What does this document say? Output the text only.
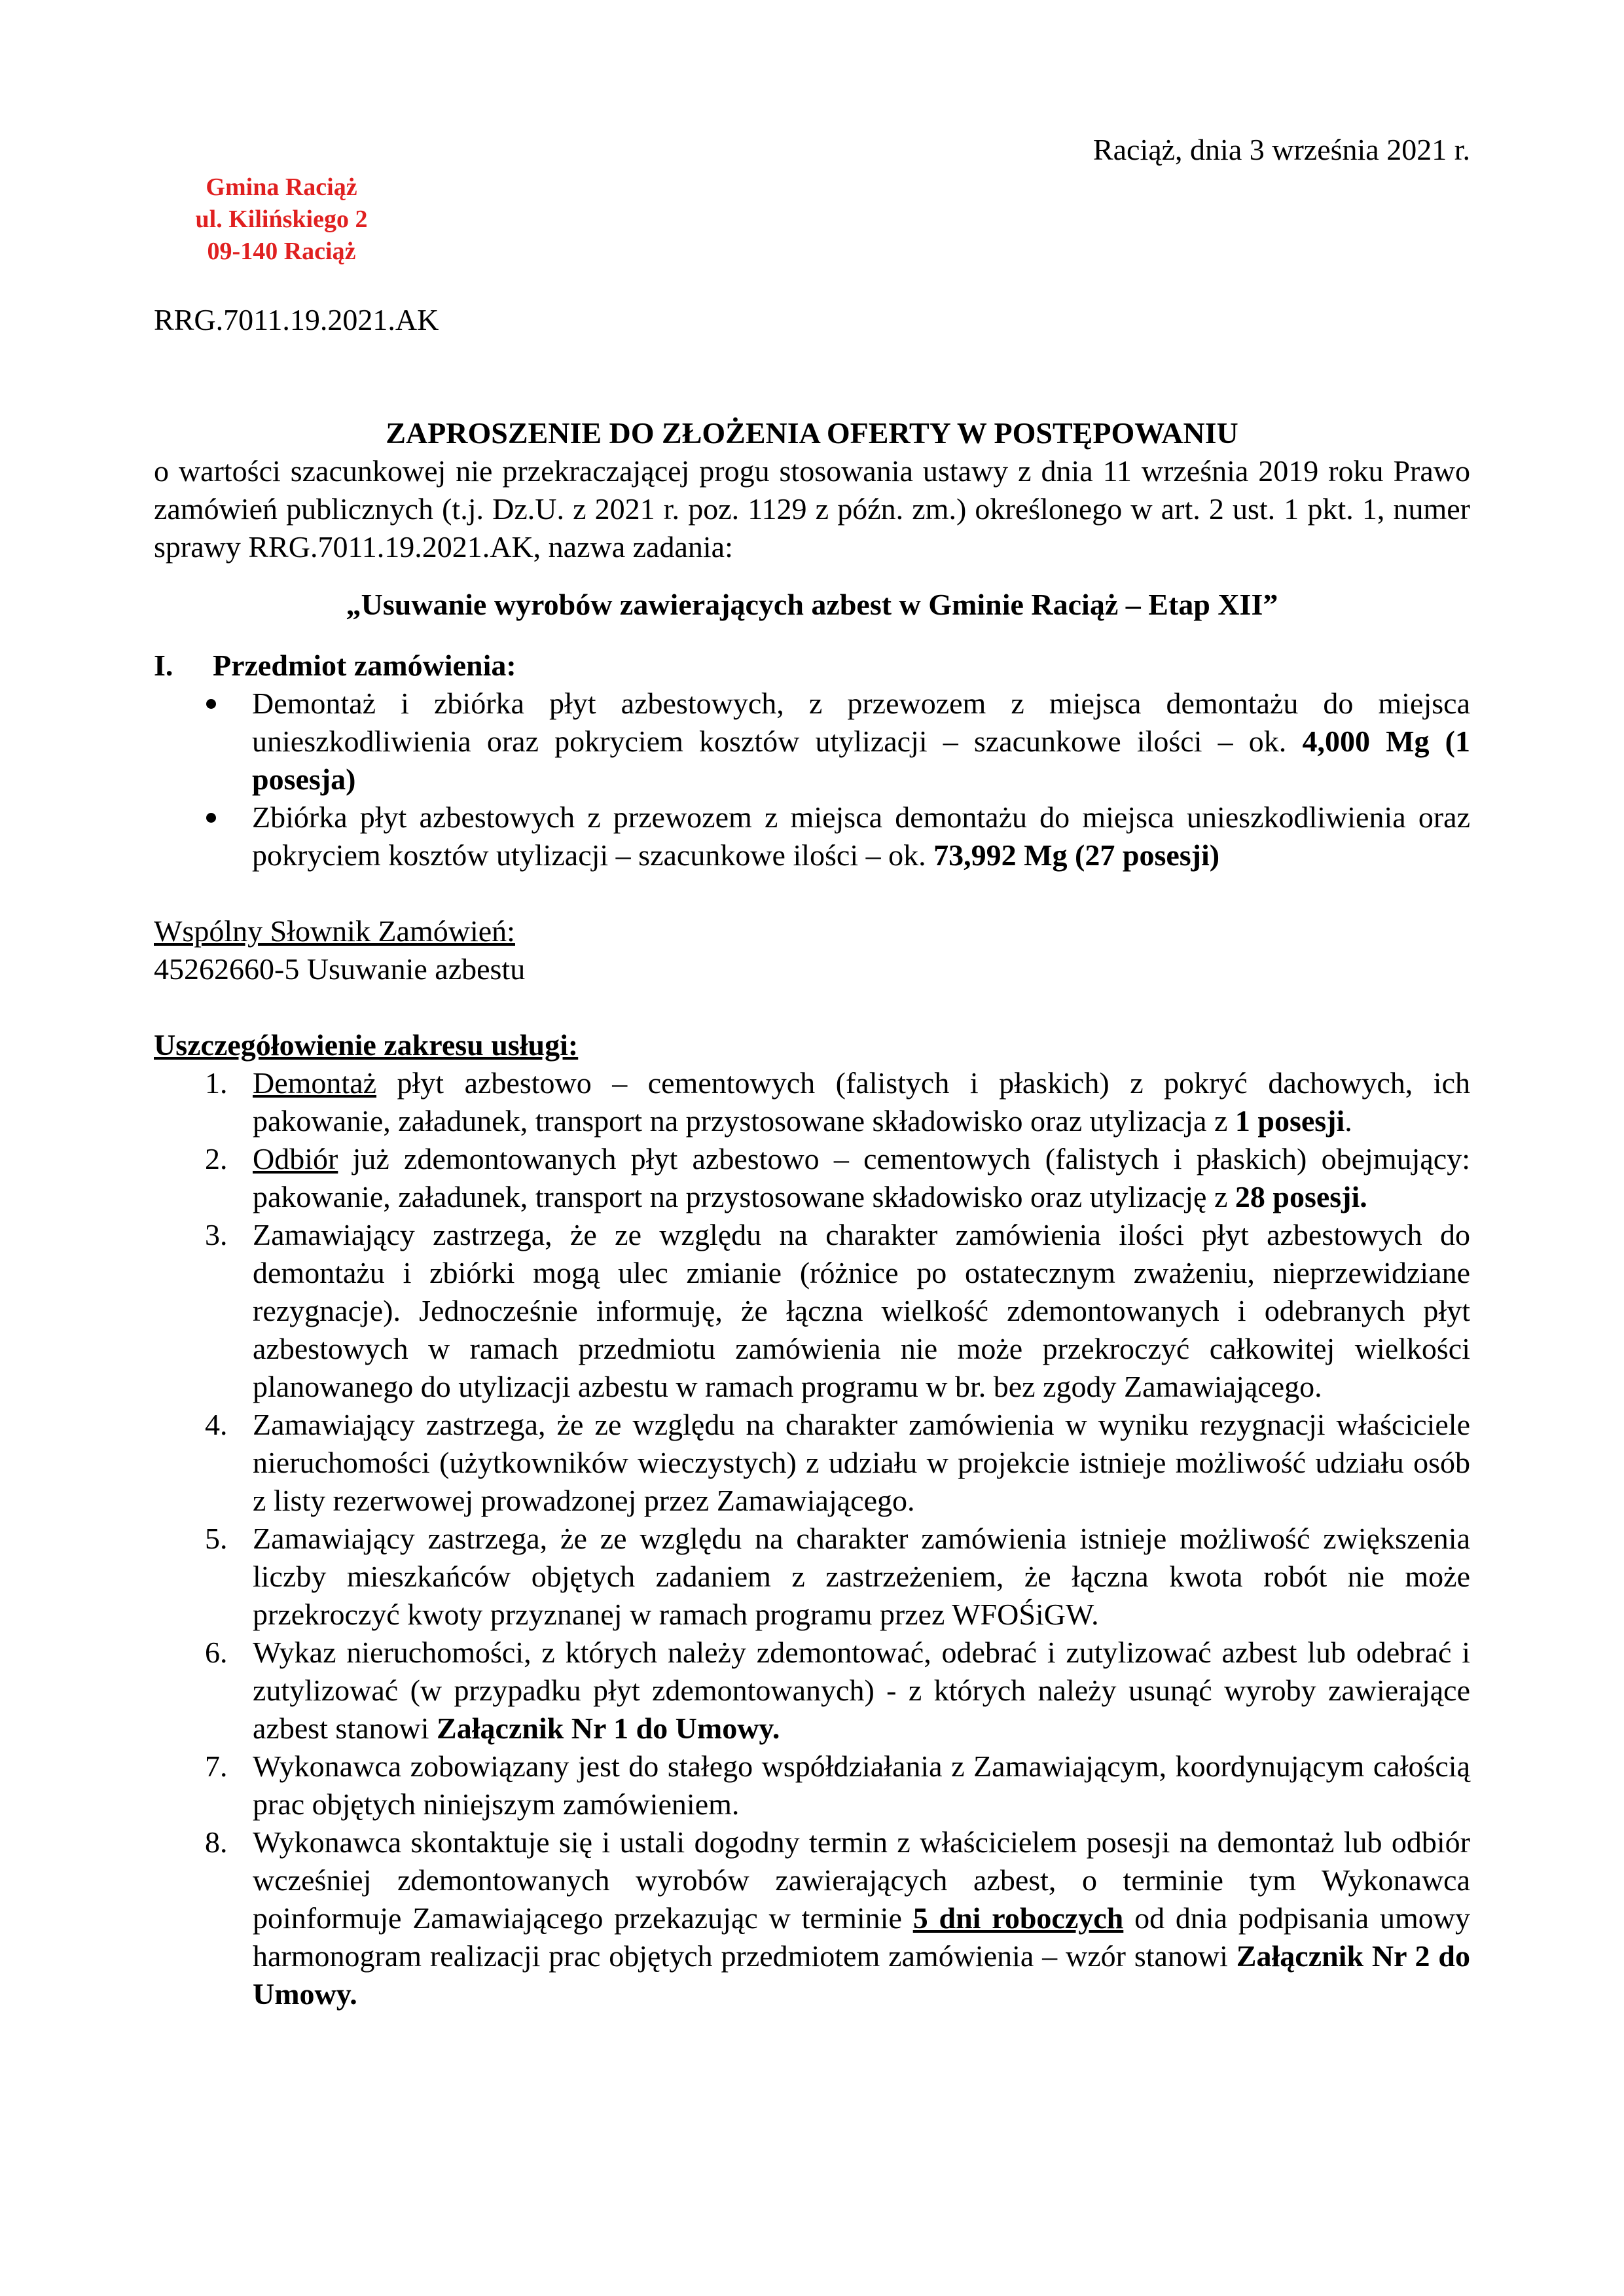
Gmina Raciąż
ul. Kilińskiego 2
09-140 Raciąż
Raciąż, dnia 3 września 2021 r.
RRG.7011.19.2021.AK
ZAPROSZENIE DO ZŁOŻENIA OFERTY W POSTĘPOWANIU
o wartości szacunkowej nie przekraczającej progu stosowania ustawy z dnia 11 września 2019 roku Prawo zamówień publicznych (t.j. Dz.U. z 2021 r. poz. 1129 z późn. zm.) określonego w art. 2 ust. 1 pkt. 1, numer sprawy RRG.7011.19.2021.AK, nazwa zadania:
„Usuwanie wyrobów zawierających azbest w Gminie Raciąż – Etap XII”
I.	Przedmiot zamówienia:
Demontaż i zbiórka płyt azbestowych, z przewozem z miejsca demontażu do miejsca unieszkodliwienia oraz pokryciem kosztów utylizacji – szacunkowe ilości – ok. 4,000 Mg (1 posesja)
Zbiórka płyt azbestowych z przewozem z miejsca demontażu do miejsca unieszkodliwienia oraz pokryciem kosztów utylizacji – szacunkowe ilości – ok. 73,992 Mg (27 posesji)
Wspólny Słownik Zamówień:
45262660-5 Usuwanie azbestu
Uszczegółowienie zakresu usługi:
1. Demontaż płyt azbestowo – cementowych (falistych i płaskich) z pokryć dachowych, ich pakowanie, załadunek, transport na przystosowane składowisko oraz utylizacja z 1 posesji.
2. Odbiór już zdemontowanych płyt azbestowo – cementowych (falistych i płaskich) obejmujący: pakowanie, załadunek, transport na przystosowane składowisko oraz utylizację z 28 posesji.
3. Zamawiający zastrzega, że ze względu na charakter zamówienia ilości płyt azbestowych do demontażu i zbiórki mogą ulec zmianie (różnice po ostatecznym zważeniu, nieprzewidziane rezygnacje). Jednocześnie informuję, że łączna wielkość zdemontowanych i odebranych płyt azbestowych w ramach przedmiotu zamówienia nie może przekroczyć całkowitej wielkości planowanego do utylizacji azbestu w ramach programu w br. bez zgody Zamawiającego.
4. Zamawiający zastrzega, że ze względu na charakter zamówienia w wyniku rezygnacji właściciele nieruchomości (użytkowników wieczystych) z udziału w projekcie istnieje możliwość udziału osób z listy rezerwowej prowadzonej przez Zamawiającego.
5. Zamawiający zastrzega, że ze względu na charakter zamówienia istnieje możliwość zwiększenia liczby mieszkańców objętych zadaniem z zastrzeżeniem, że łączna kwota robót nie może przekroczyć kwoty przyznanej w ramach programu przez WFOŚiGW.
6. Wykaz nieruchomości, z których należy zdemontować, odebrać i zutylizować azbest lub odebrać i zutylizować (w przypadku płyt zdemontowanych) - z których należy usunąć wyroby zawierające azbest stanowi Załącznik Nr 1 do Umowy.
7. Wykonawca zobowiązany jest do stałego współdziałania z Zamawiającym, koordynującym całością prac objętych niniejszym zamówieniem.
8. Wykonawca skontaktuje się i ustali dogodny termin z właścicielem posesji na demontaż lub odbiór wcześniej zdemontowanych wyrobów zawierających azbest, o terminie tym Wykonawca poinformuje Zamawiającego przekazując w terminie 5 dni roboczych od dnia podpisania umowy harmonogram realizacji prac objętych przedmiotem zamówienia – wzór stanowi Załącznik Nr 2 do Umowy.
